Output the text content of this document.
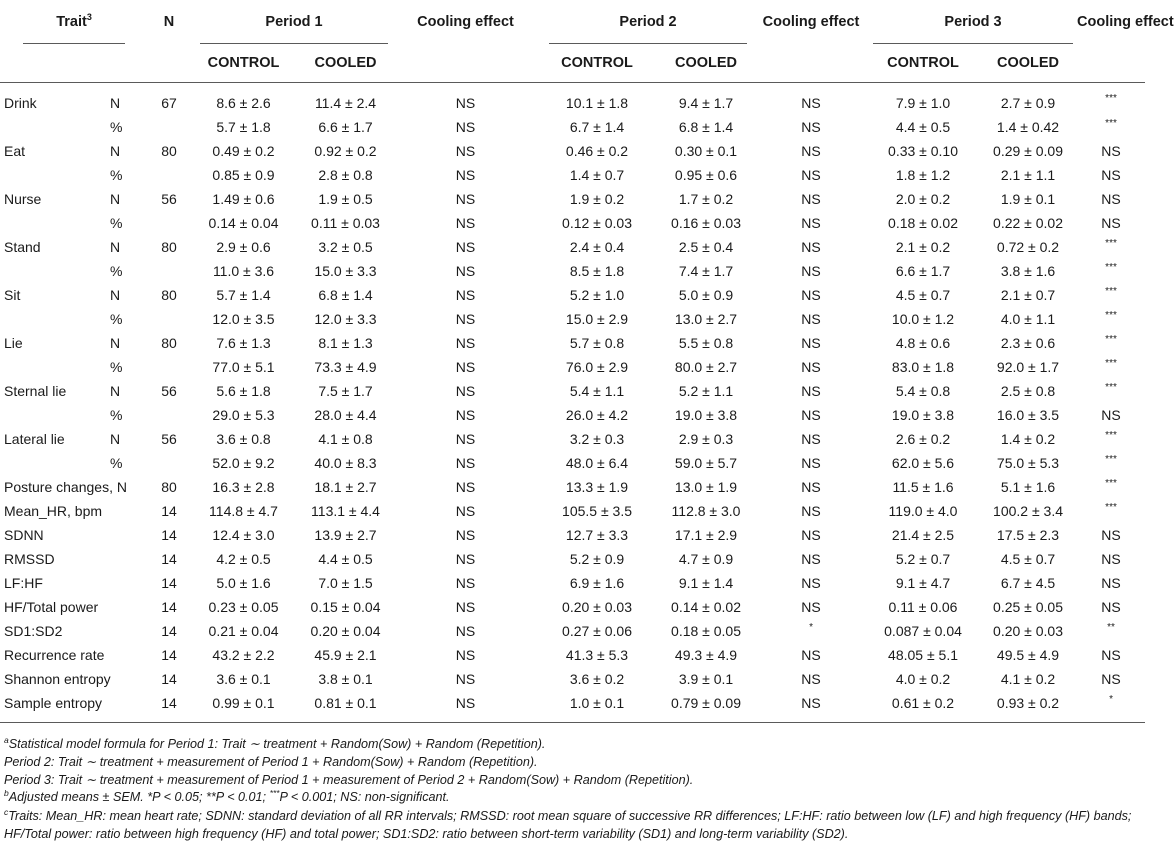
Trait$^3$		N	Period 1		Cooling effect	Period 2		Cooling effect	Period 3		Cooling effect
			CONTROL	COOLED		CONTROL	COOLED		CONTROL	COOLED	
Drink	N	67	8.6 ± 2.6	11.4 ± 2.4	NS	10.1 ± 1.8	9.4 ± 1.7	NS	7.9 ± 1.0	2.7 ± 0.9	***
	%		5.7 ± 1.8	6.6 ± 1.7	NS	6.7 ± 1.4	6.8 ± 1.4	NS	4.4 ± 0.5	1.4 ± 0.42	***
Eat	N	80	0.49 ± 0.2	0.92 ± 0.2	NS	0.46 ± 0.2	0.30 ± 0.1	NS	0.33 ± 0.10	0.29 ± 0.09	NS
	%		0.85 ± 0.9	2.8 ± 0.8	NS	1.4 ± 0.7	0.95 ± 0.6	NS	1.8 ± 1.2	2.1 ± 1.1	NS
Nurse	N	56	1.49 ± 0.6	1.9 ± 0.5	NS	1.9 ± 0.2	1.7 ± 0.2	NS	2.0 ± 0.2	1.9 ± 0.1	NS
	%		0.14 ± 0.04	0.11 ± 0.03	NS	0.12 ± 0.03	0.16 ± 0.03	NS	0.18 ± 0.02	0.22 ± 0.02	NS
Stand	N	80	2.9 ± 0.6	3.2 ± 0.5	NS	2.4 ± 0.4	2.5 ± 0.4	NS	2.1 ± 0.2	0.72 ± 0.2	***
	%		11.0 ± 3.6	15.0 ± 3.3	NS	8.5 ± 1.8	7.4 ± 1.7	NS	6.6 ± 1.7	3.8 ± 1.6	***
Sit	N	80	5.7 ± 1.4	6.8 ± 1.4	NS	5.2 ± 1.0	5.0 ± 0.9	NS	4.5 ± 0.7	2.1 ± 0.7	***
	%		12.0 ± 3.5	12.0 ± 3.3	NS	15.0 ± 2.9	13.0 ± 2.7	NS	10.0 ± 1.2	4.0 ± 1.1	***
Lie	N	80	7.6 ± 1.3	8.1 ± 1.3	NS	5.7 ± 0.8	5.5 ± 0.8	NS	4.8 ± 0.6	2.3 ± 0.6	***
	%		77.0 ± 5.1	73.3 ± 4.9	NS	76.0 ± 2.9	80.0 ± 2.7	NS	83.0 ± 1.8	92.0 ± 1.7	***
Sternal lie	N	56	5.6 ± 1.8	7.5 ± 1.7	NS	5.4 ± 1.1	5.2 ± 1.1	NS	5.4 ± 0.8	2.5 ± 0.8	***
	%		29.0 ± 5.3	28.0 ± 4.4	NS	26.0 ± 4.2	19.0 ± 3.8	NS	19.0 ± 3.8	16.0 ± 3.5	NS
Lateral lie	N	56	3.6 ± 0.8	4.1 ± 0.8	NS	3.2 ± 0.3	2.9 ± 0.3	NS	2.6 ± 0.2	1.4 ± 0.2	***
	%		52.0 ± 9.2	40.0 ± 8.3	NS	48.0 ± 6.4	59.0 ± 5.7	NS	62.0 ± 5.6	75.0 ± 5.3	***
Posture changes, N		80	16.3 ± 2.8	18.1 ± 2.7	NS	13.3 ± 1.9	13.0 ± 1.9	NS	11.5 ± 1.6	5.1 ± 1.6	***
Mean_HR, bpm		14	114.8 ± 4.7	113.1 ± 4.4	NS	105.5 ± 3.5	112.8 ± 3.0	NS	119.0 ± 4.0	100.2 ± 3.4	***
SDNN		14	12.4 ± 3.0	13.9 ± 2.7	NS	12.7 ± 3.3	17.1 ± 2.9	NS	21.4 ± 2.5	17.5 ± 2.3	NS
RMSSD		14	4.2 ± 0.5	4.4 ± 0.5	NS	5.2 ± 0.9	4.7 ± 0.9	NS	5.2 ± 0.7	4.5 ± 0.7	NS
LF:HF		14	5.0 ± 1.6	7.0 ± 1.5	NS	6.9 ± 1.6	9.1 ± 1.4	NS	9.1 ± 4.7	6.7 ± 4.5	NS
HF/Total power		14	0.23 ± 0.05	0.15 ± 0.04	NS	0.20 ± 0.03	0.14 ± 0.02	NS	0.11 ± 0.06	0.25 ± 0.05	NS
SD1:SD2		14	0.21 ± 0.04	0.20 ± 0.04	NS	0.27 ± 0.06	0.18 ± 0.05	*	0.087 ± 0.04	0.20 ± 0.03	**
Recurrence rate		14	43.2 ± 2.2	45.9 ± 2.1	NS	41.3 ± 5.3	49.3 ± 4.9	NS	48.05 ± 5.1	49.5 ± 4.9	NS
Shannon entropy		14	3.6 ± 0.1	3.8 ± 0.1	NS	3.6 ± 0.2	3.9 ± 0.1	NS	4.0 ± 0.2	4.1 ± 0.2	NS
Sample entropy		14	0.99 ± 0.1	0.81 ± 0.1	NS	1.0 ± 0.1	0.79 ± 0.09	NS	0.61 ± 0.2	0.93 ± 0.2	*

$^a$Statistical model formula for Period 1: Trait ∼ treatment + Random(Sow) + Random (Repetition).

Period 2: Trait ∼ treatment + measurement of Period 1 + Random(Sow) + Random (Repetition).

Period 3: Trait ∼ treatment + measurement of Period 1 + measurement of Period 2 + Random(Sow) + Random (Repetition).

$^b$Adjusted means ± SEM. *P < 0.05; **P < 0.01; ***P < 0.001; NS: non-significant.

$^c$Traits: Mean_HR: mean heart rate; SDNN: standard deviation of all RR intervals; RMSSD: root mean square of successive RR differences; LF:HF: ratio between low (LF) and high frequency (HF) bands; HF/Total power: ratio between high frequency (HF) and total power; SD1:SD2: ratio between short-term variability (SD1) and long-term variability (SD2).
